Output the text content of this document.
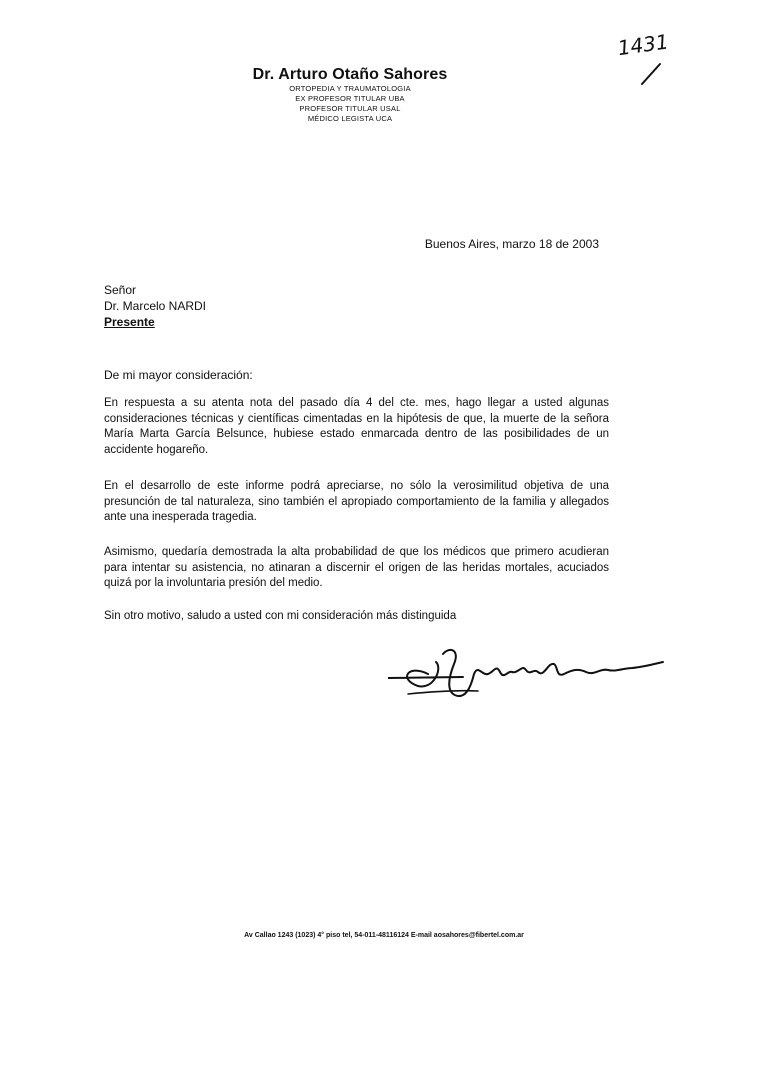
1431
Dr. Arturo Otaño Sahores
ORTOPEDIA Y TRAUMATOLOGIA
EX PROFESOR TITULAR UBA
PROFESOR TITULAR USAL
MÉDICO LEGISTA UCA
Buenos Aires, marzo 18 de 2003
Señor
Dr. Marcelo NARDI
Presente
De mi mayor consideración:
En respuesta a su atenta nota del pasado día 4 del cte. mes, hago llegar a usted algunas consideraciones técnicas y científicas cimentadas en la hipótesis de que, la muerte de la señora María Marta García Belsunce, hubiese estado enmarcada dentro de las posibilidades de un accidente hogareño.
En el desarrollo de este informe podrá apreciarse, no sólo la verosimilitud objetiva de una presunción de tal naturaleza, sino también el apropiado comportamiento de la familia y allegados ante una inesperada tragedia.
Asimismo, quedaría demostrada la alta probabilidad de que los médicos que primero acudieran para intentar su asistencia, no atinaran a discernir el origen de las heridas mortales, acuciados quizá por la involuntaria presión del medio.
Sin otro motivo, saludo a usted con mi consideración más distinguida
Av Callao 1243 (1023) 4° piso tel, 54-011-48116124 E-mail aosahores@fibertel.com.ar
